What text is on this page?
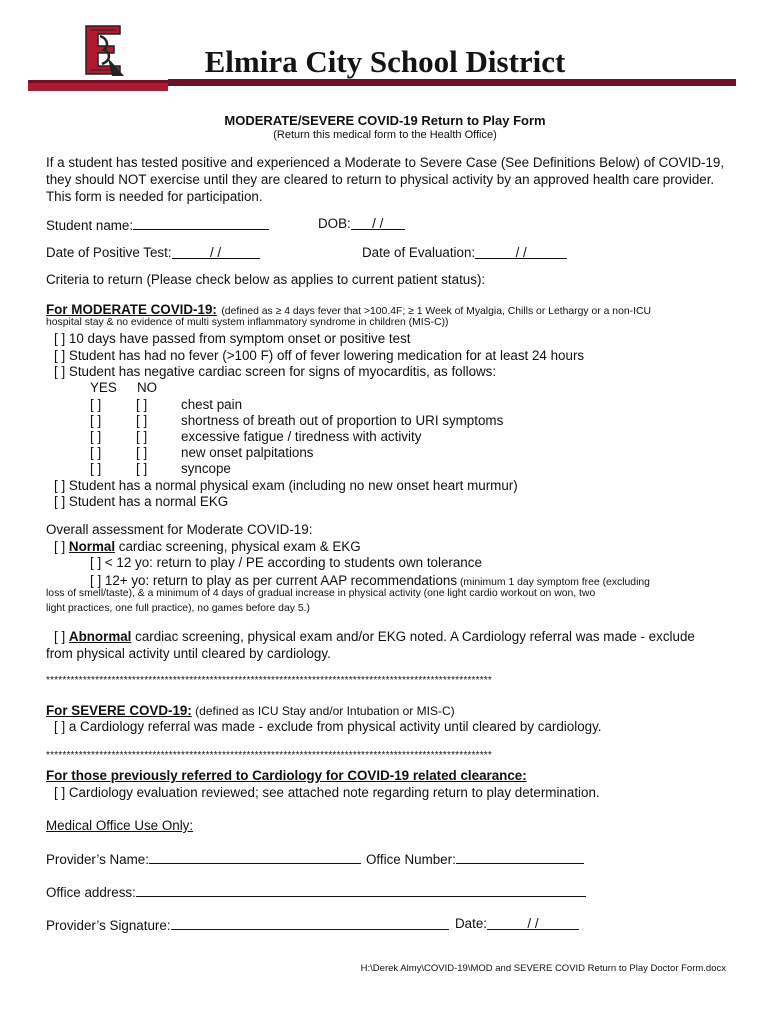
Elmira City School District
MODERATE/SEVERE COVID-19 Return to Play Form
(Return this medical form to the Health Office)
If a student has tested positive and experienced a Moderate to Severe Case (See Definitions Below) of COVID-19, they should NOT exercise until they are cleared to return to physical activity by an approved health care provider. This form is needed for participation.
Student name:	DOB: / /
Date of Positive Test:	/ /	Date of Evaluation:	/ /
Criteria to return (Please check below as applies to current patient status):
For MODERATE COVID-19: (defined as ≥ 4 days fever that >100.4F; ≥ 1 Week of Myalgia, Chills or Lethargy or a non-ICU
hospital stay & no evidence of multi system inflammatory syndrome in children (MIS-C))
[ ] 10 days have passed from symptom onset or positive test
[ ] Student has had no fever (>100 F) off of fever lowering medication for at least 24 hours
[ ] Student has negative cardiac screen for signs of myocarditis, as follows:
YES NO
[ ]	[ ]	chest pain
[ ]	[ ]	shortness of breath out of proportion to URI symptoms
[ ]	[ ]	excessive fatigue / tiredness with activity
[ ]	[ ]	new onset palpitations
[ ]	[ ]	syncope
[ ] Student has a normal physical exam (including no new onset heart murmur)
[ ] Student has a normal EKG
Overall assessment for Moderate COVID-19:
[ ] Normal cardiac screening, physical exam & EKG
[ ] < 12 yo: return to play / PE according to students own tolerance
[ ] 12+ yo: return to play as per current AAP recommendations (minimum 1 day symptom free (excluding
loss of smell/taste), & a minimum of 4 days of gradual increase in physical activity (one light cardio workout on won, two
light practices, one full practice), no games before day 5.)
[ ] Abnormal cardiac screening, physical exam and/or EKG noted. A Cardiology referral was made - exclude
from physical activity until cleared by cardiology.
*************************************************************************************************************
For SEVERE COVD-19: (defined as ICU Stay and/or Intubation or MIS-C)
[ ] a Cardiology referral was made - exclude from physical activity until cleared by cardiology.
*************************************************************************************************************
For those previously referred to Cardiology for COVID-19 related clearance:
[ ] Cardiology evaluation reviewed; see attached note regarding return to play determination.
Medical Office Use Only:
Provider’s Name:	Office Number:
Office address:
Provider’s Signature:	Date:	/ /
H:\Derek Almy\COVID-19\MOD and SEVERE COVID Return to Play Doctor Form.docx
